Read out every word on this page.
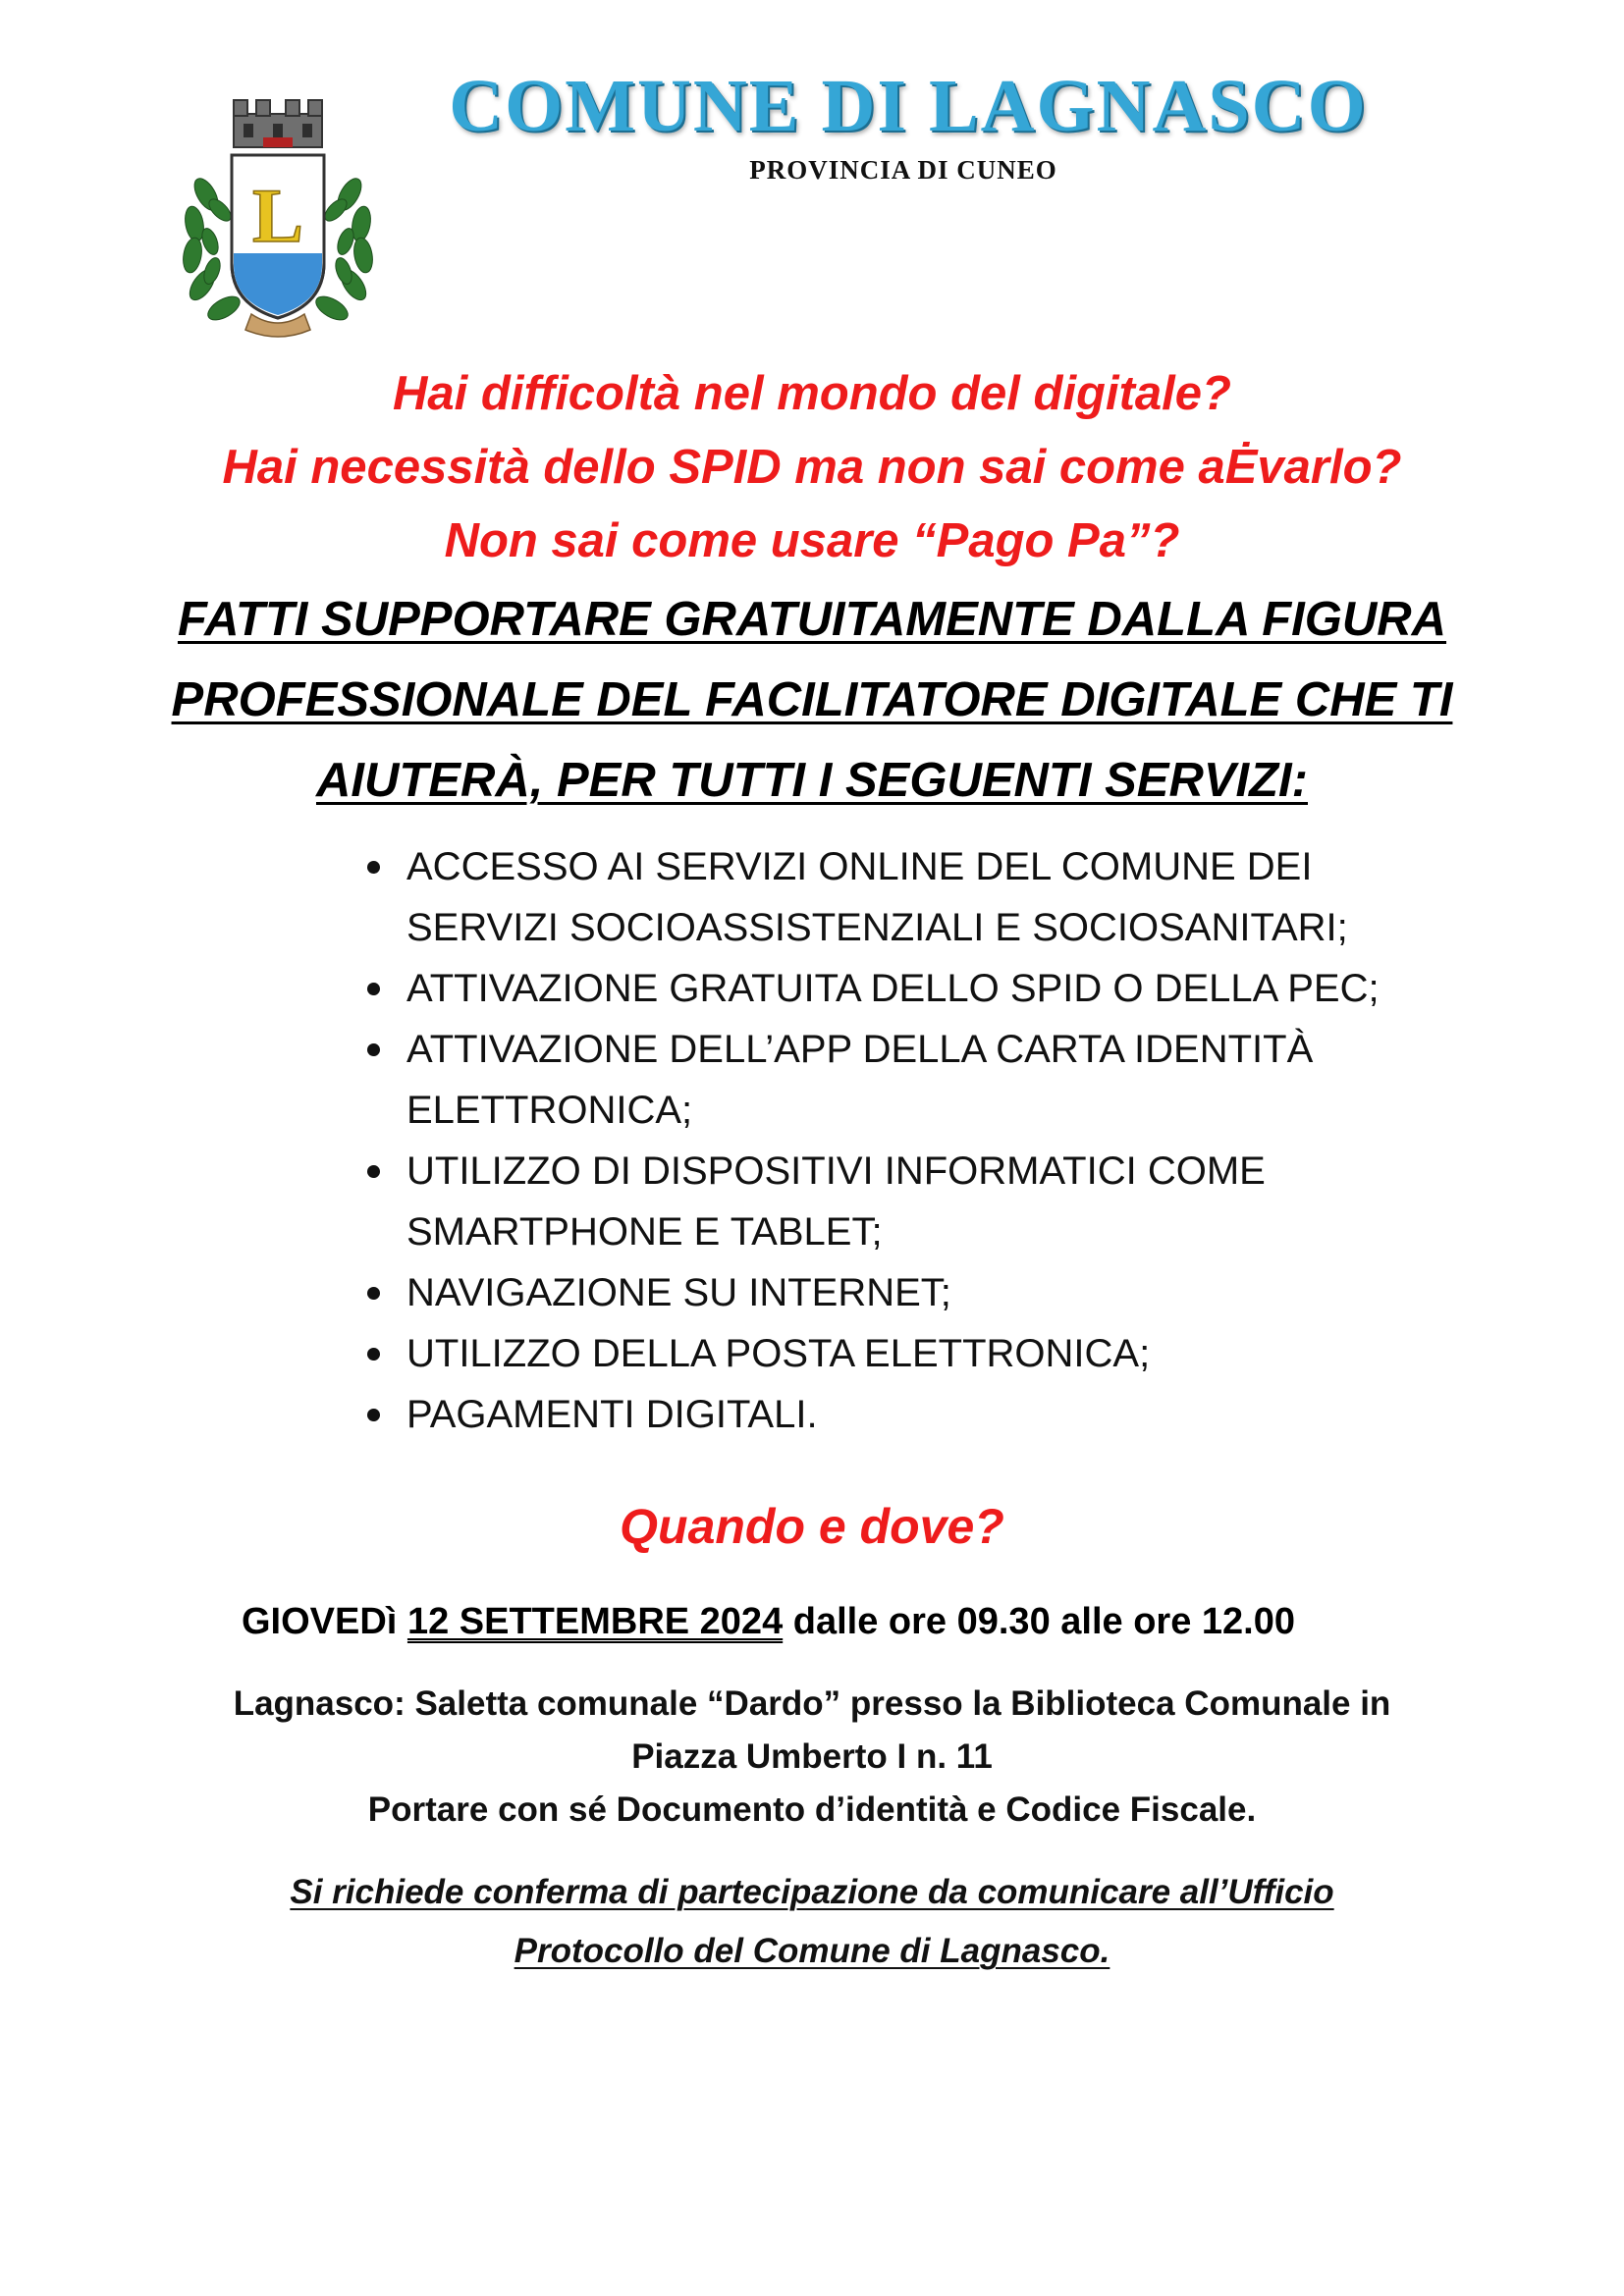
L
COMUNE DI LAGNASCO
PROVINCIA DI CUNEO
Hai difficoltà nel mondo del digitale?
Hai necessità dello SPID ma non sai come aĖvarlo?
Non sai come usare “Pago Pa”?
FATTI SUPPORTARE GRATUITAMENTE DALLA FIGURA
PROFESSIONALE DEL FACILITATORE DIGITALE CHE TI
AIUTERÀ, PER TUTTI I SEGUENTI SERVIZI:
ACCESSO AI SERVIZI ONLINE DEL COMUNE DEI
SERVIZI SOCIOASSISTENZIALI E SOCIOSANITARI;
ATTIVAZIONE GRATUITA DELLO SPID O DELLA PEC;
ATTIVAZIONE DELL’APP DELLA CARTA IDENTITÀ
ELETTRONICA;
UTILIZZO DI DISPOSITIVI INFORMATICI COME
SMARTPHONE E TABLET;
NAVIGAZIONE SU INTERNET;
UTILIZZO DELLA POSTA ELETTRONICA;
PAGAMENTI DIGITALI.
Quando e dove?
GIOVEDì 12 SETTEMBRE 2024 dalle ore 09.30 alle ore 12.00
Lagnasco: Saletta comunale “Dardo” presso la Biblioteca Comunale in
Piazza Umberto I n. 11
Portare con sé Documento d’identità e Codice Fiscale.
Si richiede conferma di partecipazione da comunicare all’Ufficio
Protocollo del Comune di Lagnasco.
